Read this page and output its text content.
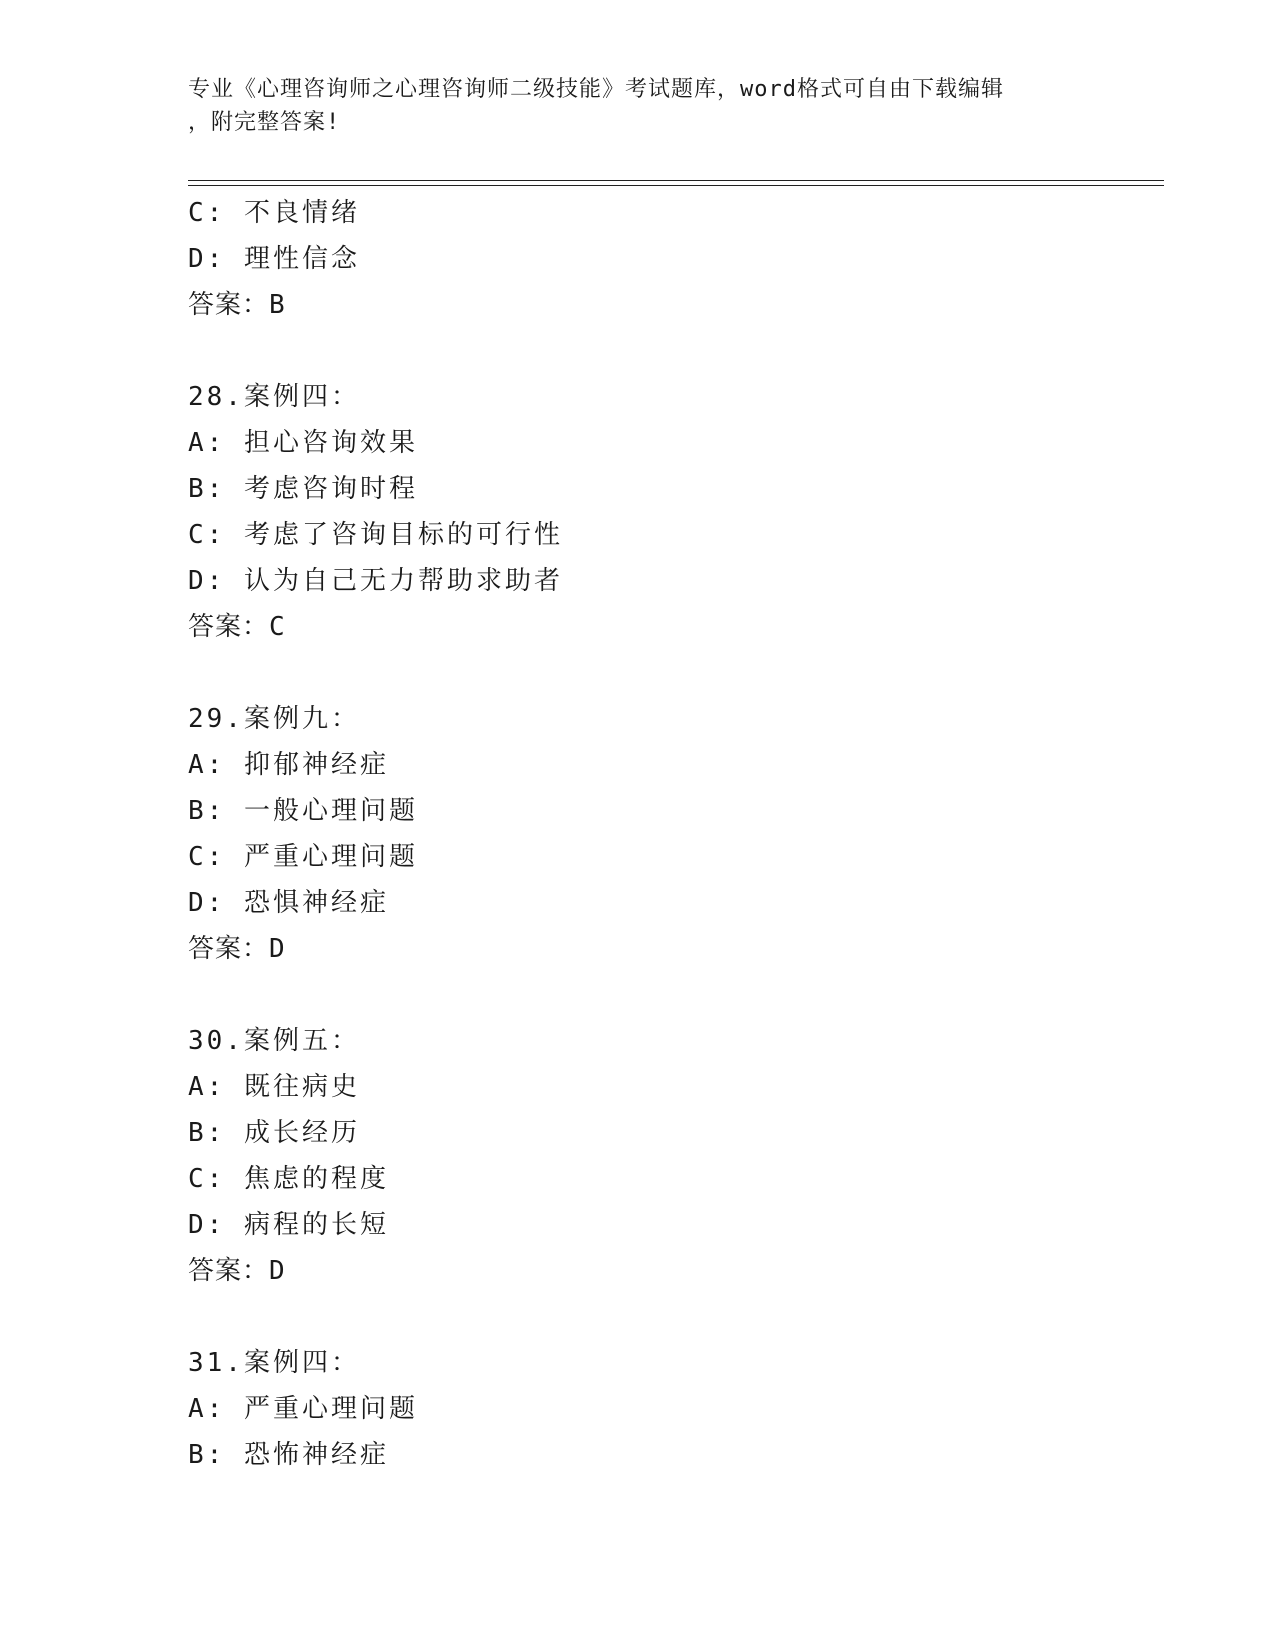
专业《心理咨询师之心理咨询师二级技能》考试题库，word格式可自由下载编辑
，附完整答案!
C: 不良情绪
D: 理性信念
答案：B
28.案例四：
A: 担心咨询效果
B: 考虑咨询时程
C: 考虑了咨询目标的可行性
D: 认为自己无力帮助求助者
答案：C
29.案例九：
A: 抑郁神经症
B: 一般心理问题
C: 严重心理问题
D: 恐惧神经症
答案：D
30.案例五：
A: 既往病史
B: 成长经历
C: 焦虑的程度
D: 病程的长短
答案：D
31.案例四：
A: 严重心理问题
B: 恐怖神经症
